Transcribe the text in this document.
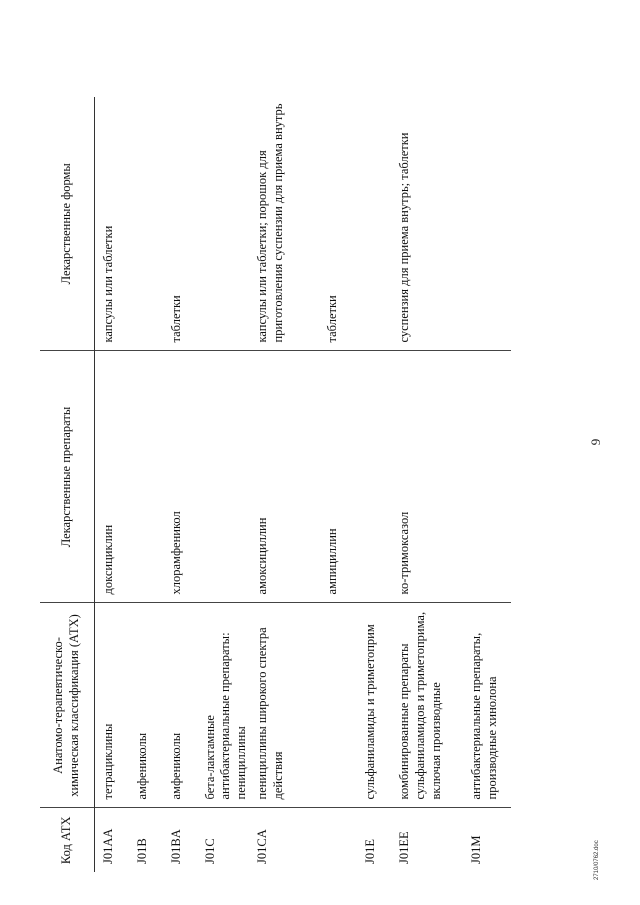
Код АТХ	Анатомо-терапевтическо-химическая классификация (АТХ)	Лекарственные препараты	Лекарственные формы
J01AA	тетрациклины	доксициклин	капсулы или таблетки
J01B	амфениколы		
J01BA	амфениколы	хлорамфеникол	таблетки
J01C	бета-лактамные антибактериальные препараты: пенициллины		
J01CA	пенициллины широкого спектра действия	амоксициллин	капсулы или таблетки; порошок для приготовления суспензии для приема внутрь
		ампициллин	таблетки
J01E	сульфаниламиды и триметоприм		
J01EE	комбинированные препараты сульфаниламидов и триметоприма, включая производные	ко-тримоксазол	суспензия для приема внутрь; таблетки
J01M	антибактериальные препараты, производные хинолона		
9
2710/0762.doc
